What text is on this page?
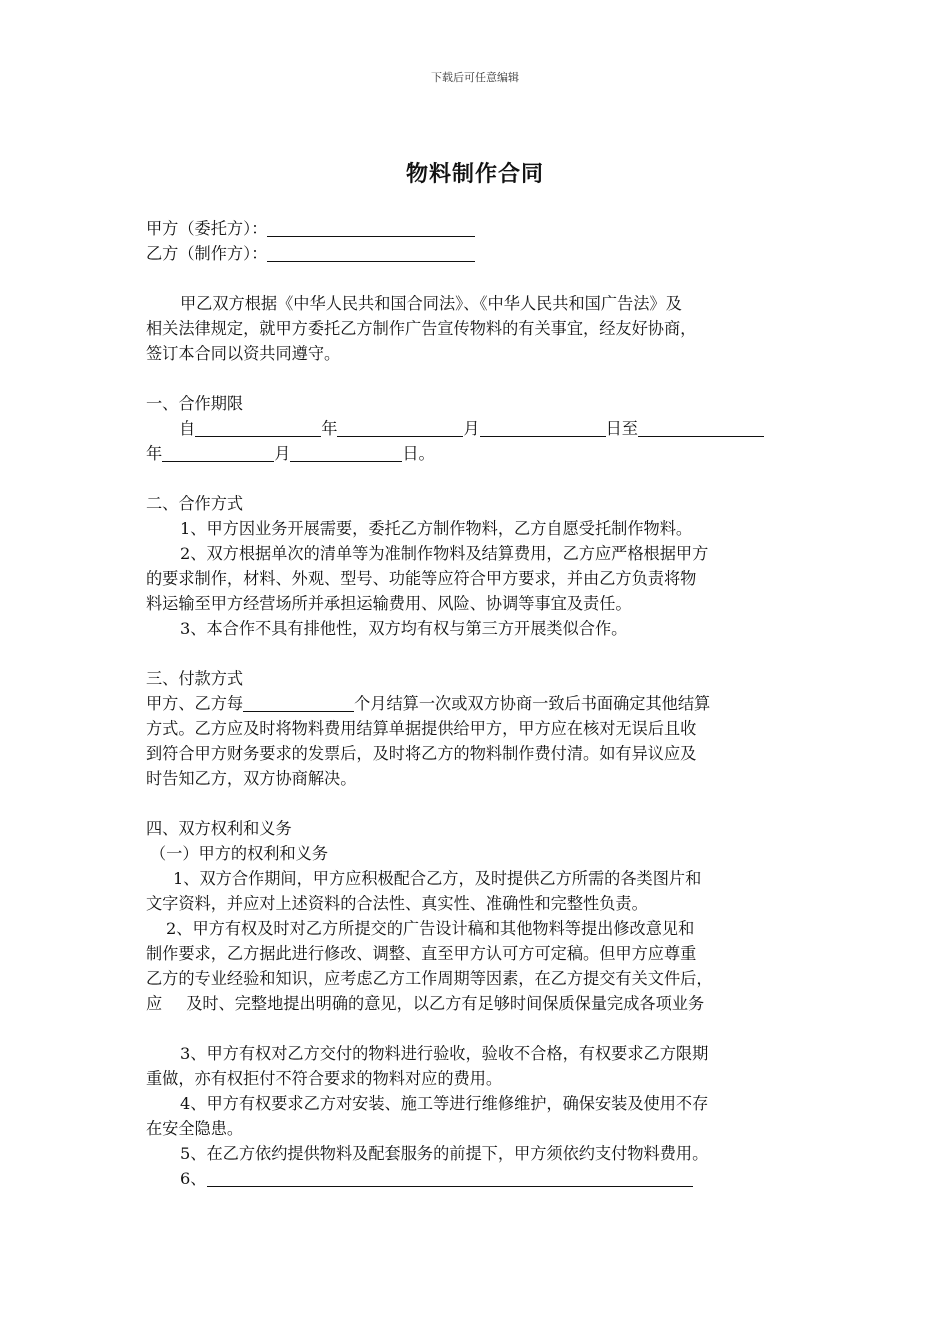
下载后可任意编辑
物料制作合同
甲方（委托方）：
乙方（制作方）：
甲乙双方根据《中华人民共和国合同法》、《中华人民共和国广告法》及
相关法律规定，就甲方委托乙方制作广告宣传物料的有关事宜，经友好协商，
签订本合同以资共同遵守。
一、合作期限
自	年	月	日至
年	月	日。
二、合作方式
1、甲方因业务开展需要，委托乙方制作物料，乙方自愿受托制作物料。
2、双方根据单次的清单等为准制作物料及结算费用，乙方应严格根据甲方
的要求制作，材料、外观、型号、功能等应符合甲方要求，并由乙方负责将物
料运输至甲方经营场所并承担运输费用、风险、协调等事宜及责任。
3、本合作不具有排他性，双方均有权与第三方开展类似合作。
三、付款方式
甲方、乙方每	个月结算一次或双方协商一致后书面确定其他结算
方式。乙方应及时将物料费用结算单据提供给甲方，甲方应在核对无误后且收
到符合甲方财务要求的发票后，及时将乙方的物料制作费付清。如有异议应及
时告知乙方，双方协商解决。
四、双方权利和义务
（一）甲方的权利和义务
1、双方合作期间，甲方应积极配合乙方，及时提供乙方所需的各类图片和
文字资料，并应对上述资料的合法性、真实性、准确性和完整性负责。
2、甲方有权及时对乙方所提交的广告设计稿和其他物料等提出修改意见和
制作要求，乙方据此进行修改、调整、直至甲方认可方可定稿。但甲方应尊重
乙方的专业经验和知识，应考虑乙方工作周期等因素，在乙方提交有关文件后，
应 及时、完整地提出明确的意见，以乙方有足够时间保质保量完成各项业务
3、甲方有权对乙方交付的物料进行验收，验收不合格，有权要求乙方限期
重做，亦有权拒付不符合要求的物料对应的费用。
4、甲方有权要求乙方对安装、施工等进行维修维护，确保安装及使用不存
在安全隐患。
5、在乙方依约提供物料及配套服务的前提下，甲方须依约支付物料费用。
6、
